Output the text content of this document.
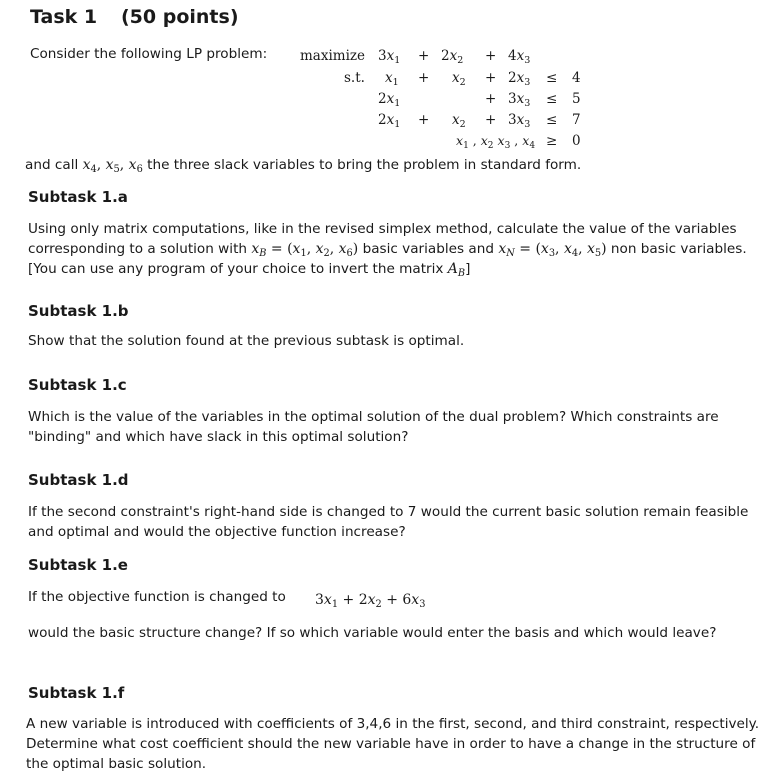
Task 1 (50 points)
Consider the following LP problem:	maximize
s.t.
$3x_1 + 2x_2 + 4x_3$
$x_1 + x_2 + 2x_3 \le 4$
$2x_1$	+ $3x_3 \le 5$
$2x_1 + x_2 + 3x_3 \le 7$
$x_1$ , $x_2$ $x_3$ , $x_4 \ge 0$
and call $x_4$, $x_5$, $x_6$ the three slack variables to bring the problem in standard form.
Subtask 1.a
Using only matrix computations, like in the revised simplex method, calculate the value of the variables corresponding to a solution with $x_B = (x_1$, $x_2$, $x_6$) basic variables and $x_N = (x_3$, $x_4$, $x_5$) non basic variables. [You can use any program of your choice to invert the matrix $A_B$]
Subtask 1.b
Show that the solution found at the previous subtask is optimal.
Subtask 1.c
Which is the value of the variables in the optimal solution of the dual problem? Which constraints are "binding" and which have slack in this optimal solution?
Subtask 1.d
If the second constraint's right-hand side is changed to 7 would the current basic solution remain feasible and optimal and would the objective function increase?
Subtask 1.e
If the objective function is changed to $3x_1 + 2x_2 + 6x_3$
would the basic structure change? If so which variable would enter the basis and which would leave?
Subtask 1.f
A new variable is introduced with coefficients of 3,4,6 in the first, second, and third constraint, respectively. Determine what cost coefficient should the new variable have in order to have a change in the structure of the optimal basic solution.
